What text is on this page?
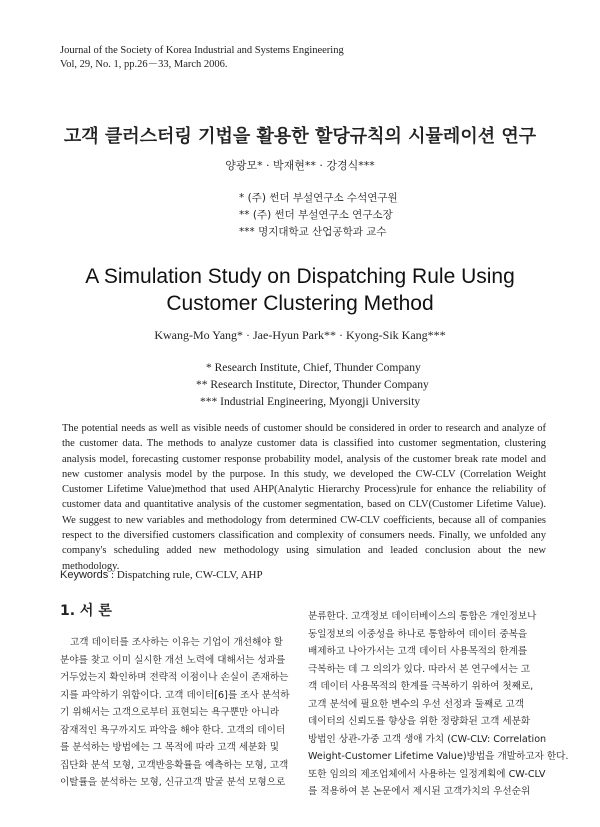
Journal of the Society of Korea Industrial and Systems Engineering
Vol, 29, No. 1, pp.26－33, March 2006.
고객 클러스터링 기법을 활용한 할당규칙의 시뮬레이션 연구
양광모* · 박재현** · 강경식***
* (주) 썬더 부설연구소 수석연구원
** (주) 썬더 부설연구소 연구소장
*** 명지대학교 산업공학과 교수
A Simulation Study on Dispatching Rule Using
Customer Clustering Method
Kwang-Mo Yang* · Jae-Hyun Park** · Kyong-Sik Kang***
* Research Institute, Chief, Thunder Company
** Research Institute, Director, Thunder Company
*** Industrial Engineering, Myongji University
The potential needs as well as visible needs of customer should be considered in order to research and analyze of the customer data. The methods to analyze customer data is classified into customer segmentation, clustering analysis model, forecasting customer response probability model, analysis of the customer break rate model and new customer analysis model by the purpose. In this study, we developed the CW-CLV (Correlation Weight Customer Lifetime Value)method that used AHP(Analytic Hierarchy Process)rule for enhance the reliability of customer data and quantitative analysis of the customer segmentation, based on CLV(Customer Lifetime Value). We suggest to new variables and methodology from determined CW-CLV coefficients, because all of companies respect to the diversified customers classification and complexity of consumers needs. Finally, we unfolded any company's scheduling added new methodology using simulation and leaded conclusion about the new methodology.
Keywords : Dispatching rule, CW-CLV, AHP
1. 서 론
고객 데이터를 조사하는 이유는 기업이 개선해야 할
분야를 찾고 이미 실시한 개선 노력에 대해서는 성과를
거두었는지 확인하며 전략적 이점이나 손실이 존재하는
지를 파악하기 위함이다. 고객 데이터[6]를 조사 분석하
기 위해서는 고객으로부터 표현되는 욕구뿐만 아니라
잠재적인 욕구까지도 파악을 해야 한다. 고객의 데이터
를 분석하는 방법에는 그 목적에 따라 고객 세분화 및
집단화 분석 모형, 고객반응확률을 예측하는 모형, 고객
이탈률을 분석하는 모형, 신규고객 발굴 분석 모형으로
분류한다. 고객정보 데이터베이스의 통합은 개인정보나
동일정보의 이중성을 하나로 통합하여 데이터 중복을
배제하고 나아가서는 고객 데이터 사용목적의 한계를
극복하는 데 그 의의가 있다. 따라서 본 연구에서는 고
객 데이터 사용목적의 한계를 극복하기 위하여 첫째로,
고객 분석에 필요한 변수의 우선 선정과 둘째로 고객
데이터의 신뢰도를 향상을 위한 정량화된 고객 세분화
방법인 상관-가중 고객 생애 가치 (CW-CLV: Correlation
Weight-Customer Lifetime Value)방법을 개발하고자 한다.
또한 임의의 제조업체에서 사용하는 일정계획에 CW-CLV
를 적용하여 본 논문에서 제시된 고객가치의 우선순위
